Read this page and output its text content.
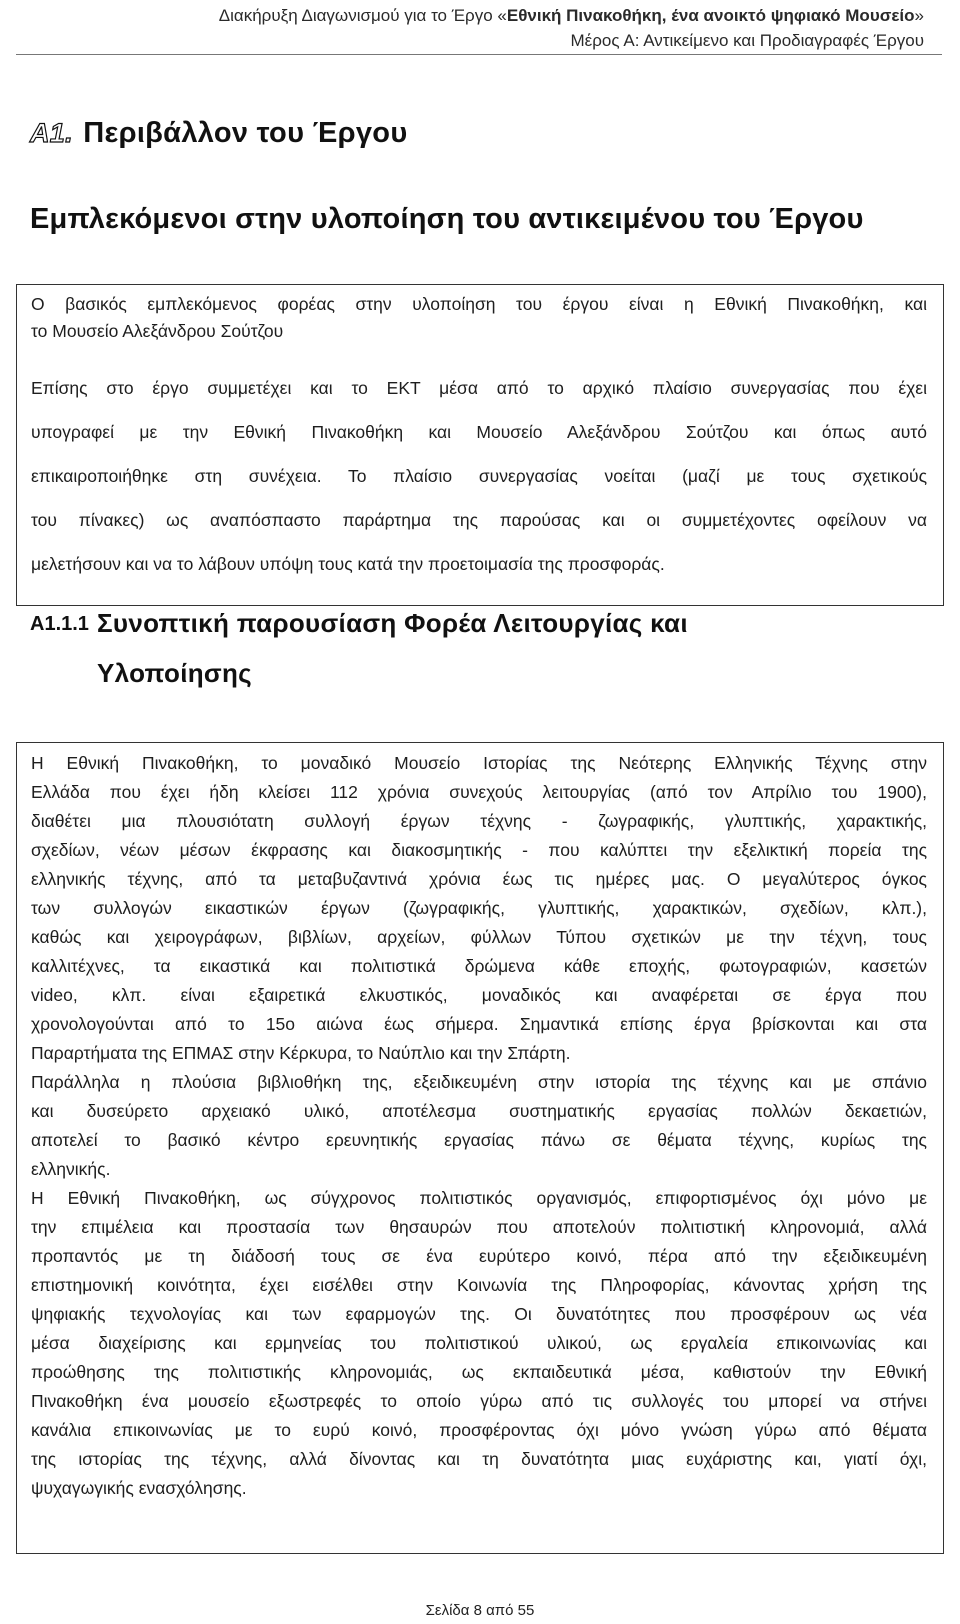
Διακήρυξη Διαγωνισμού για το Έργο «Εθνική Πινακοθήκη, ένα ανοικτό ψηφιακό Μουσείο»
Μέρος Α: Αντικείμενο και Προδιαγραφές Έργου
A1. Περιβάλλον του Έργου
Εμπλεκόμενοι στην υλοποίηση του αντικειμένου του Έργου
Ο βασικός εμπλεκόμενος φορέας στην υλοποίηση του έργου είναι η Εθνική Πινακοθήκη, και
το Μουσείο Αλεξάνδρου Σούτζου
Επίσης στο έργο συμμετέχει και το ΕΚΤ μέσα από το αρχικό πλαίσιο συνεργασίας που έχει
υπογραφεί με την Εθνική Πινακοθήκη και Μουσείο Αλεξάνδρου Σούτζου και όπως αυτό
επικαιροποιήθηκε στη συνέχεια. Το πλαίσιο συνεργασίας νοείται (μαζί με τους σχετικούς
του πίνακες) ως αναπόσπαστο παράρτημα της παρούσας και οι συμμετέχοντες οφείλουν να
μελετήσουν και να το λάβουν υπόψη τους κατά την προετοιμασία της προσφοράς.
A1.1.1 Συνοπτική παρουσίαση Φορέα Λειτουργίας και
Υλοποίησης
Η Εθνική Πινακοθήκη, το μοναδικό Μουσείο Ιστορίας της Νεότερης Ελληνικής Τέχνης στην
Ελλάδα που έχει ήδη κλείσει 112 χρόνια συνεχούς λειτουργίας (από τον Απρίλιο του 1900),
διαθέτει μια πλουσιότατη συλλογή έργων τέχνης - ζωγραφικής, γλυπτικής, χαρακτικής,
σχεδίων, νέων μέσων έκφρασης και διακοσμητικής - που καλύπτει την εξελικτική πορεία της
ελληνικής τέχνης, από τα μεταβυζαντινά χρόνια έως τις ημέρες μας. Ο μεγαλύτερος όγκος
των συλλογών εικαστικών έργων (ζωγραφικής, γλυπτικής, χαρακτικών, σχεδίων, κλπ.),
καθώς και χειρογράφων, βιβλίων, αρχείων, φύλλων Τύπου σχετικών με την τέχνη, τους
καλλιτέχνες, τα εικαστικά και πολιτιστικά δρώμενα κάθε εποχής, φωτογραφιών, κασετών
video, κλπ. είναι εξαιρετικά ελκυστικός, μοναδικός και αναφέρεται σε έργα που
χρονολογούνται από το 15ο αιώνα έως σήμερα. Σημαντικά επίσης έργα βρίσκονται και στα
Παραρτήματα της ΕΠΜΑΣ στην Κέρκυρα, το Ναύπλιο και την Σπάρτη.
Παράλληλα η πλούσια βιβλιοθήκη της, εξειδικευμένη στην ιστορία της τέχνης και με σπάνιο
και δυσεύρετο αρχειακό υλικό, αποτέλεσμα συστηματικής εργασίας πολλών δεκαετιών,
αποτελεί το βασικό κέντρο ερευνητικής εργασίας πάνω σε θέματα τέχνης, κυρίως της
ελληνικής.
Η Εθνική Πινακοθήκη, ως σύγχρονος πολιτιστικός οργανισμός, επιφορτισμένος όχι μόνο με
την επιμέλεια και προστασία των θησαυρών που αποτελούν πολιτιστική κληρονομιά, αλλά
προπαντός με τη διάδοσή τους σε ένα ευρύτερο κοινό, πέρα από την εξειδικευμένη
επιστημονική κοινότητα, έχει εισέλθει στην Κοινωνία της Πληροφορίας, κάνοντας χρήση της
ψηφιακής τεχνολογίας και των εφαρμογών της. Οι δυνατότητες που προσφέρουν ως νέα
μέσα διαχείρισης και ερμηνείας του πολιτιστικού υλικού, ως εργαλεία επικοινωνίας και
προώθησης της πολιτιστικής κληρονομιάς, ως εκπαιδευτικά μέσα, καθιστούν την Εθνική
Πινακοθήκη ένα μουσείο εξωστρεφές το οποίο γύρω από τις συλλογές του μπορεί να στήνει
κανάλια επικοινωνίας με το ευρύ κοινό, προσφέροντας όχι μόνο γνώση γύρω από θέματα
της ιστορίας της τέχνης, αλλά δίνοντας και τη δυνατότητα μιας ευχάριστης και, γιατί όχι,
ψυχαγωγικής ενασχόλησης.
Σελίδα 8 από 55
